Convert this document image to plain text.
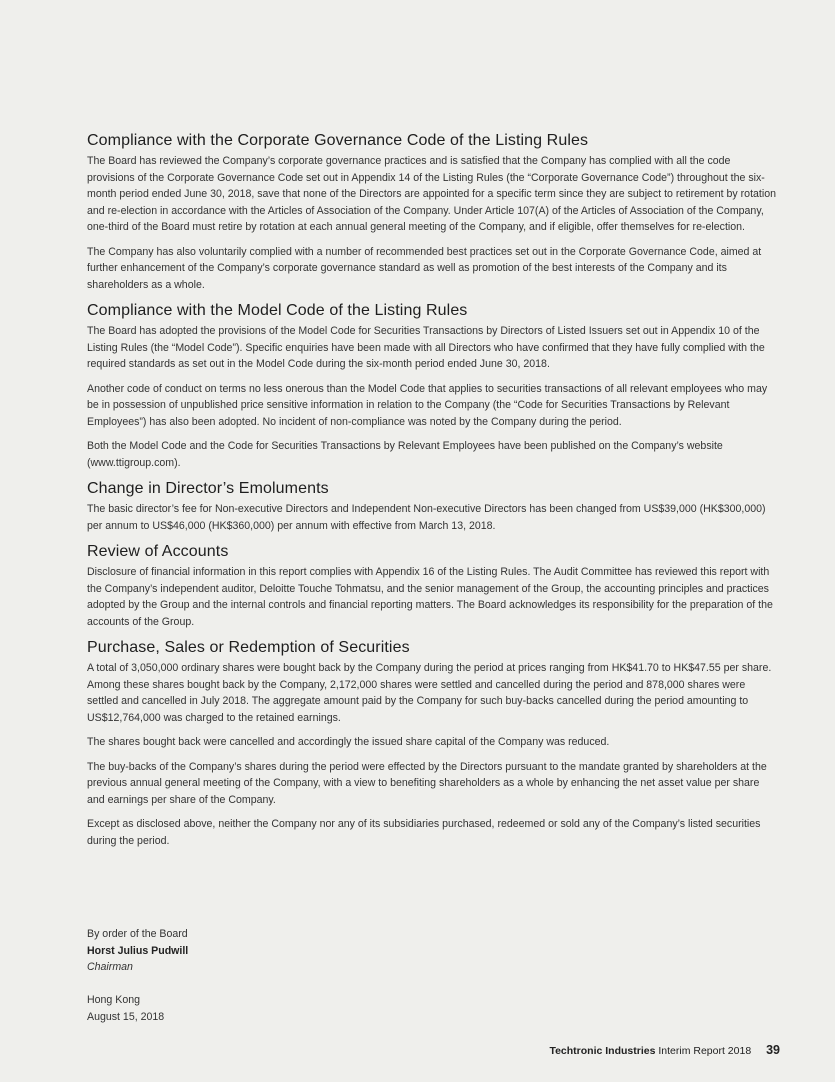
Compliance with the Corporate Governance Code of the Listing Rules

The Board has reviewed the Company’s corporate governance practices and is satisfied that the Company has complied with all the code provisions of the Corporate Governance Code set out in Appendix 14 of the Listing Rules (the “Corporate Governance Code”) throughout the six-month period ended June 30, 2018, save that none of the Directors are appointed for a specific term since they are subject to retirement by rotation and re-election in accordance with the Articles of Association of the Company. Under Article 107(A) of the Articles of Association of the Company, one-third of the Board must retire by rotation at each annual general meeting of the Company, and if eligible, offer themselves for re-election.

The Company has also voluntarily complied with a number of recommended best practices set out in the Corporate Governance Code, aimed at further enhancement of the Company’s corporate governance standard as well as promotion of the best interests of the Company and its shareholders as a whole.

Compliance with the Model Code of the Listing Rules

The Board has adopted the provisions of the Model Code for Securities Transactions by Directors of Listed Issuers set out in Appendix 10 of the Listing Rules (the “Model Code”). Specific enquiries have been made with all Directors who have confirmed that they have fully complied with the required standards as set out in the Model Code during the six-month period ended June 30, 2018.

Another code of conduct on terms no less onerous than the Model Code that applies to securities transactions of all relevant employees who may be in possession of unpublished price sensitive information in relation to the Company (the “Code for Securities Transactions by Relevant Employees”) has also been adopted. No incident of non-compliance was noted by the Company during the period.

Both the Model Code and the Code for Securities Transactions by Relevant Employees have been published on the Company’s website (www.ttigroup.com).

Change in Director’s Emoluments

The basic director’s fee for Non-executive Directors and Independent Non-executive Directors has been changed from US$39,000 (HK$300,000) per annum to US$46,000 (HK$360,000) per annum with effective from March 13, 2018.

Review of Accounts

Disclosure of financial information in this report complies with Appendix 16 of the Listing Rules. The Audit Committee has reviewed this report with the Company’s independent auditor, Deloitte Touche Tohmatsu, and the senior management of the Group, the accounting principles and practices adopted by the Group and the internal controls and financial reporting matters. The Board acknowledges its responsibility for the preparation of the accounts of the Group.

Purchase, Sales or Redemption of Securities

A total of 3,050,000 ordinary shares were bought back by the Company during the period at prices ranging from HK$41.70 to HK$47.55 per share. Among these shares bought back by the Company, 2,172,000 shares were settled and cancelled during the period and 878,000 shares were settled and cancelled in July 2018. The aggregate amount paid by the Company for such buy-backs cancelled during the period amounting to US$12,764,000 was charged to the retained earnings.

The shares bought back were cancelled and accordingly the issued share capital of the Company was reduced.

The buy-backs of the Company’s shares during the period were effected by the Directors pursuant to the mandate granted by shareholders at the previous annual general meeting of the Company, with a view to benefiting shareholders as a whole by enhancing the net asset value per share and earnings per share of the Company.

Except as disclosed above, neither the Company nor any of its subsidiaries purchased, redeemed or sold any of the Company’s listed securities during the period.

By order of the Board
Horst Julius Pudwill
Chairman
Hong Kong
August 15, 2018
Techtronic Industries Interim Report 2018 39
